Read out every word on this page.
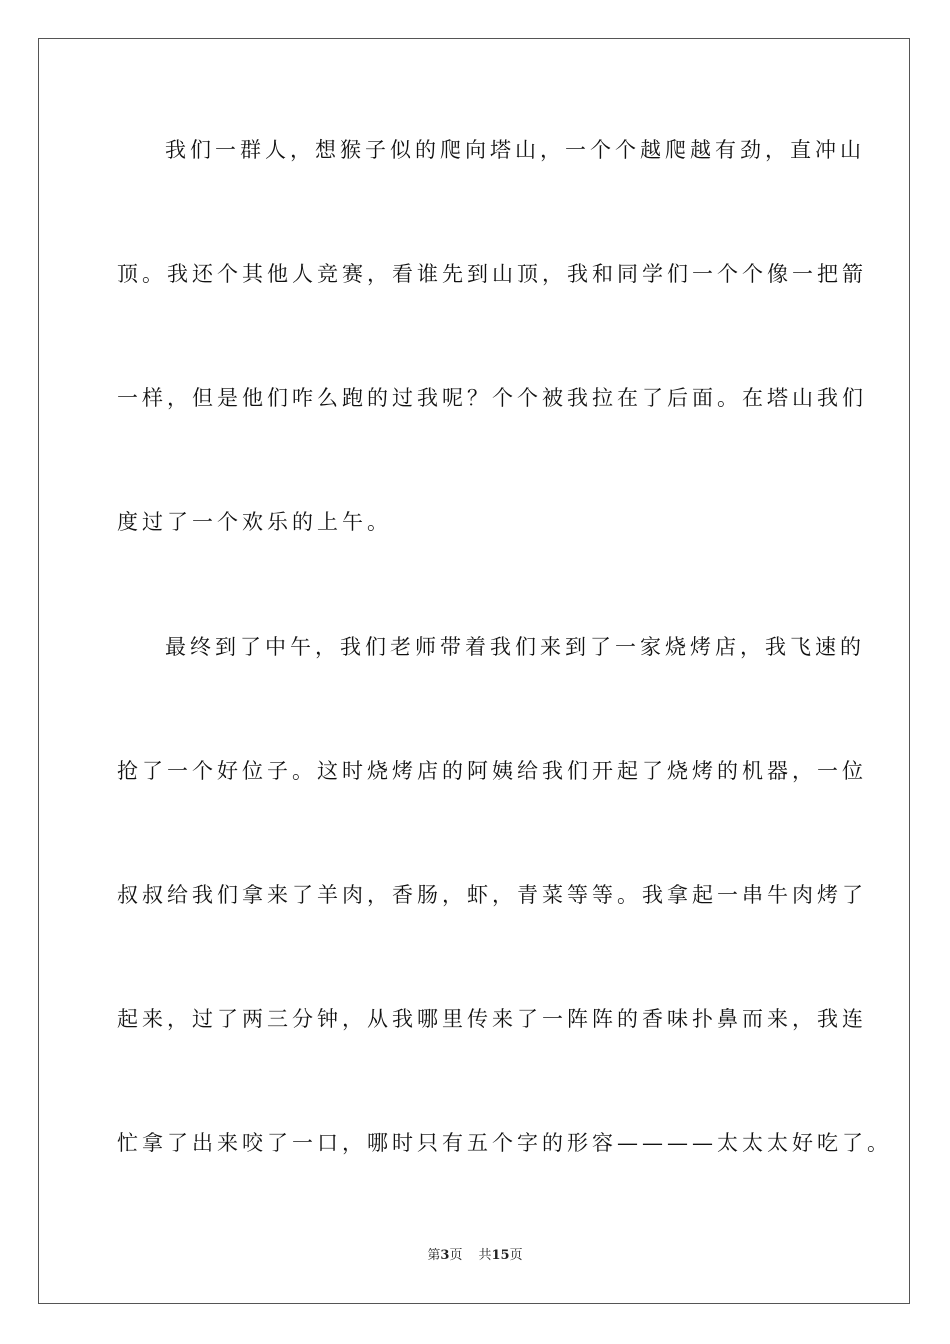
我们一群人，想猴子似的爬向塔山，一个个越爬越有劲，直冲山
顶。我还个其他人竞赛，看谁先到山顶，我和同学们一个个像一把箭
一样，但是他们咋么跑的过我呢？个个被我拉在了后面。在塔山我们
度过了一个欢乐的上午。
最终到了中午，我们老师带着我们来到了一家烧烤店，我飞速的
抢了一个好位子。这时烧烤店的阿姨给我们开起了烧烤的机器，一位
叔叔给我们拿来了羊肉，香肠，虾，青菜等等。我拿起一串牛肉烤了
起来，过了两三分钟，从我哪里传来了一阵阵的香味扑鼻而来，我连
忙拿了出来咬了一口，哪时只有五个字的形容————太太太好吃了。
第3页 共15页
